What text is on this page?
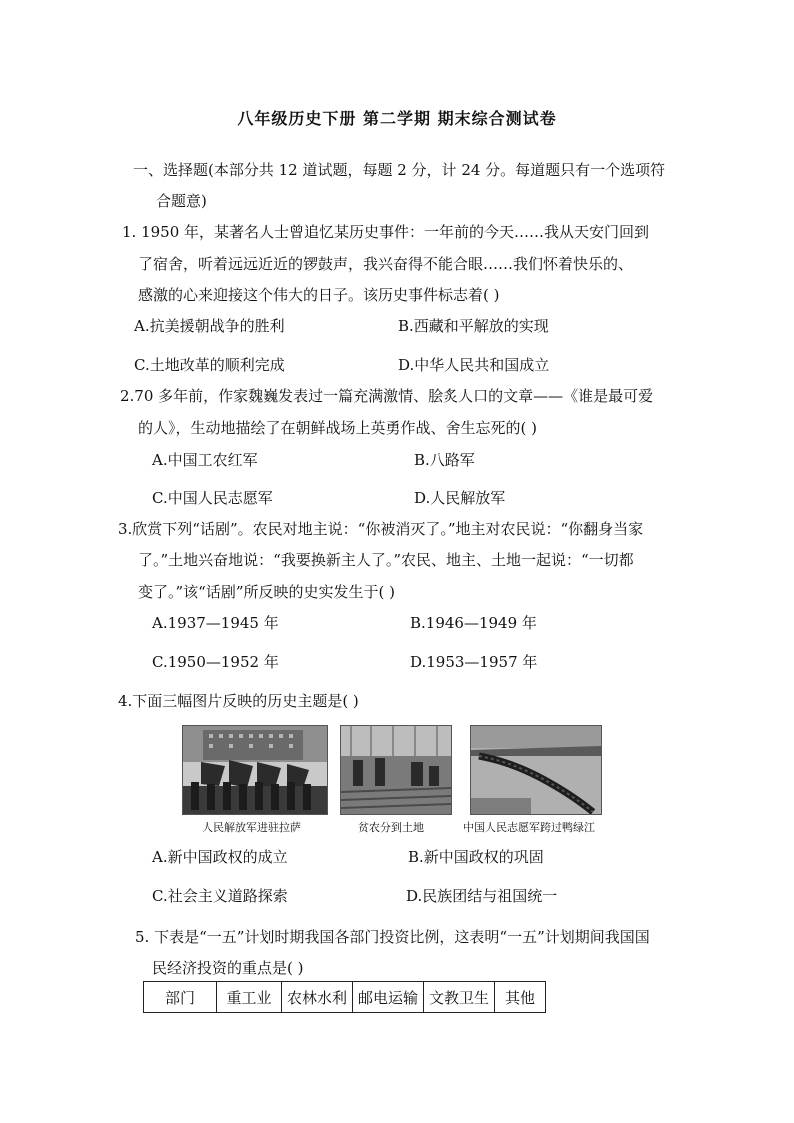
八年级历史下册 第二学期 期末综合测试卷
一、选择题(本部分共 12 道试题，每题 2 分，计 24 分。每道题只有一个选项符
合题意)
1. 1950 年，某著名人士曾追忆某历史事件：一年前的今天……我从天安门回到
了宿舍，听着远远近近的锣鼓声，我兴奋得不能合眼……我们怀着快乐的、
感激的心来迎接这个伟大的日子。该历史事件标志着( )
A.抗美援朝战争的胜利	B.西藏和平解放的实现
C.土地改革的顺利完成	D.中华人民共和国成立
2.70 多年前，作家魏巍发表过一篇充满激情、脍炙人口的文章——《谁是最可爱
的人》，生动地描绘了在朝鲜战场上英勇作战、舍生忘死的( )
A.中国工农红军	B.八路军
C.中国人民志愿军	D.人民解放军
3.欣赏下列“话剧”。农民对地主说：“你被消灭了。”地主对农民说：“你翻身当家
了。”土地兴奋地说：“我要换新主人了。”农民、地主、土地一起说：“一切都
变了。”该“话剧”所反映的史实发生于( )
A.1937—1945 年	B.1946—1949 年
C.1950—1952 年	D.1953—1957 年
4.下面三幅图片反映的历史主题是( )
人民解放军进驻拉萨	贫农分到土地	中国人民志愿军跨过鸭绿江
A.新中国政权的成立	B.新中国政权的巩固
C.社会主义道路探索	D.民族团结与祖国统一
5. 下表是“一五”计划时期我国各部门投资比例，这表明“一五”计划期间我国国
民经济投资的重点是( )
部门	重工业	农林水利	邮电运输	文教卫生	其他
